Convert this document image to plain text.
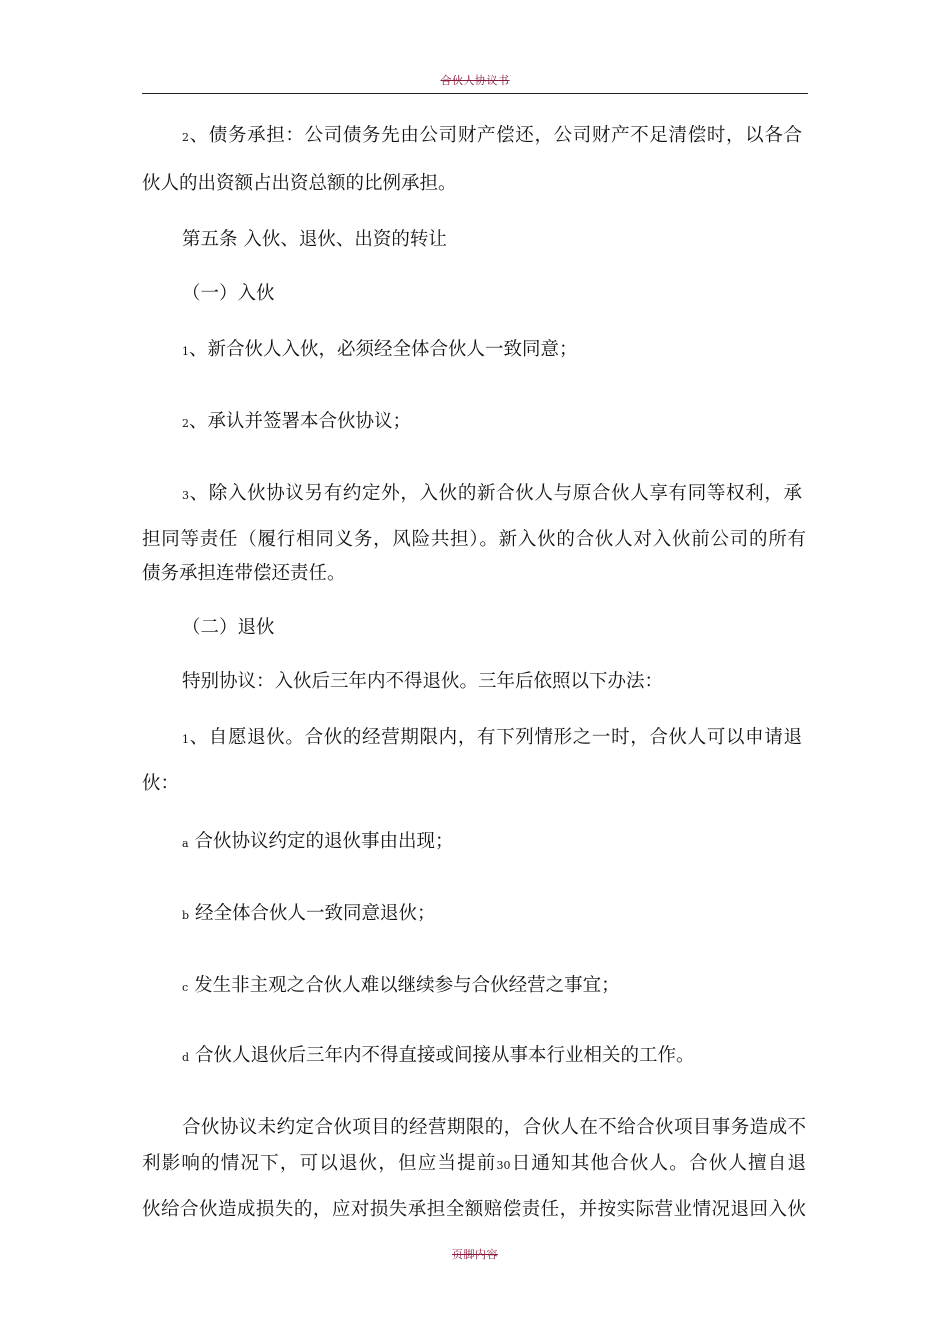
合伙人协议书
2、债务承担：公司债务先由公司财产偿还，公司财产不足清偿时，以各合
伙人的出资额占出资总额的比例承担。
第五条 入伙、退伙、出资的转让
（一）入伙
1、新合伙人入伙，必须经全体合伙人一致同意；
2、承认并签署本合伙协议；
3、除入伙协议另有约定外，入伙的新合伙人与原合伙人享有同等权利，承
担同等责任（履行相同义务，风险共担）。新入伙的合伙人对入伙前公司的所有
债务承担连带偿还责任。
（二）退伙
特别协议：入伙后三年内不得退伙。三年后依照以下办法：
1、自愿退伙。合伙的经营期限内，有下列情形之一时，合伙人可以申请退
伙：
a 合伙协议约定的退伙事由出现；
b 经全体合伙人一致同意退伙；
c 发生非主观之合伙人难以继续参与合伙经营之事宜；
d 合伙人退伙后三年内不得直接或间接从事本行业相关的工作。
合伙协议未约定合伙项目的经营期限的，合伙人在不给合伙项目事务造成不
利影响的情况下，可以退伙，但应当提前30日通知其他合伙人。合伙人擅自退
伙给合伙造成损失的，应对损失承担全额赔偿责任，并按实际营业情况退回入伙
页脚内容
